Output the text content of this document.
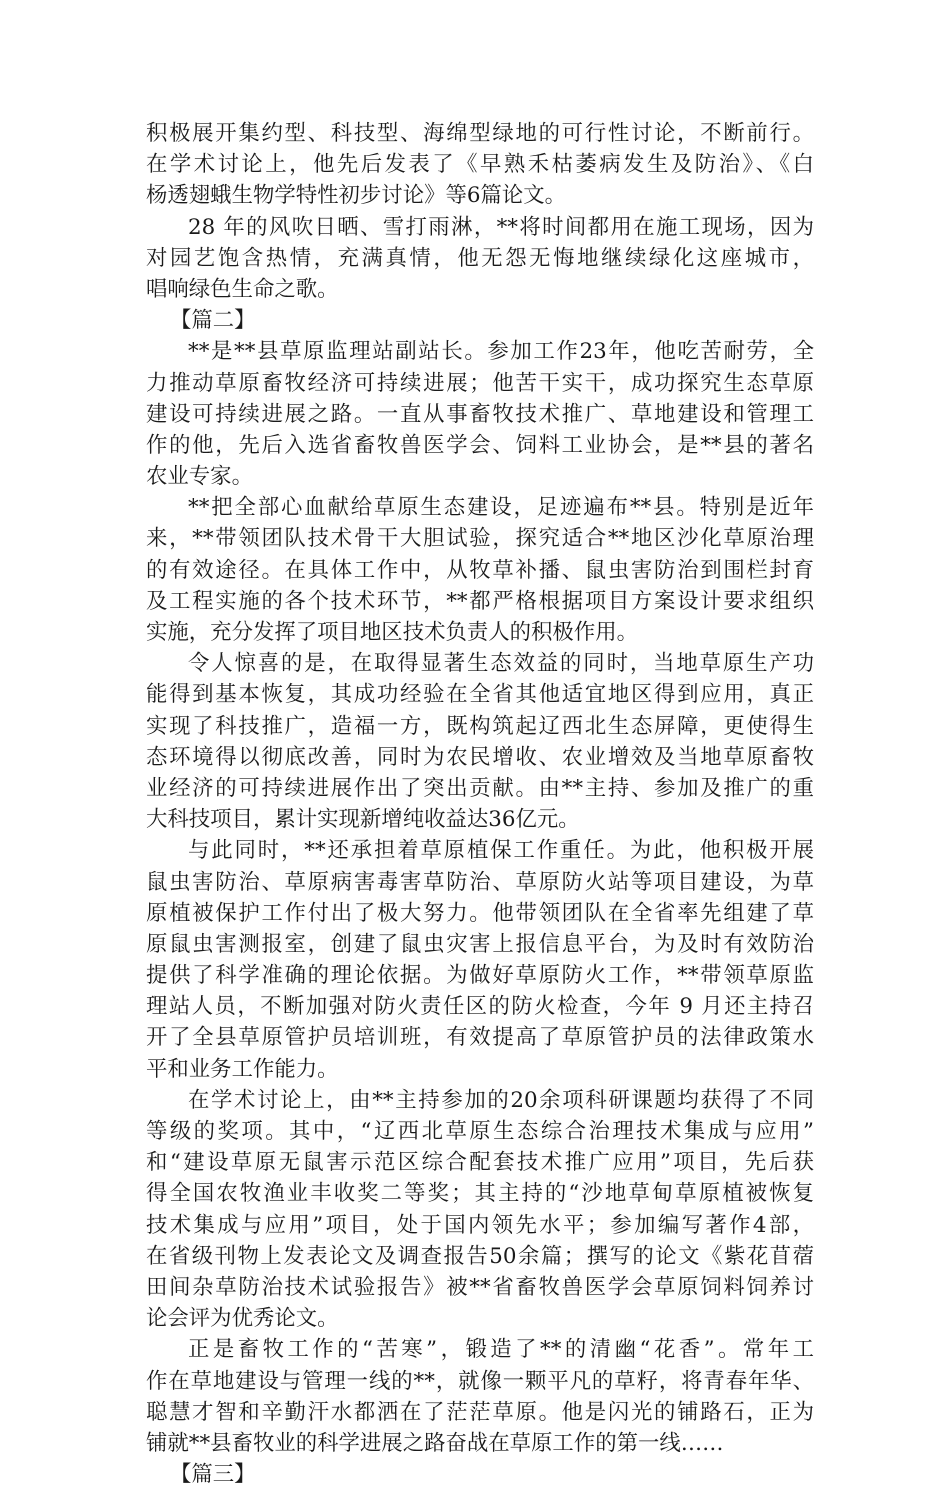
积极展开集约型、科技型、海绵型绿地的可行性讨论，不断前行。
在学术讨论上，他先后发表了《早熟禾枯萎病发生及防治》、《白
杨透翅蛾生物学特性初步讨论》等6篇论文。
28 年的风吹日晒、雪打雨淋，**将时间都用在施工现场，因为
对园艺饱含热情，充满真情，他无怨无悔地继续绿化这座城市，
唱响绿色生命之歌。
【篇二】
**是**县草原监理站副站长。参加工作23年，他吃苦耐劳，全
力推动草原畜牧经济可持续进展；他苦干实干，成功探究生态草原
建设可持续进展之路。一直从事畜牧技术推广、草地建设和管理工
作的他，先后入选省畜牧兽医学会、饲料工业协会，是**县的著名
农业专家。
**把全部心血献给草原生态建设，足迹遍布**县。特别是近年
来，**带领团队技术骨干大胆试验，探究适合**地区沙化草原治理
的有效途径。在具体工作中，从牧草补播、鼠虫害防治到围栏封育
及工程实施的各个技术环节，**都严格根据项目方案设计要求组织
实施，充分发挥了项目地区技术负责人的积极作用。
令人惊喜的是，在取得显著生态效益的同时，当地草原生产功
能得到基本恢复，其成功经验在全省其他适宜地区得到应用，真正
实现了科技推广，造福一方，既构筑起辽西北生态屏障，更使得生
态环境得以彻底改善，同时为农民增收、农业增效及当地草原畜牧
业经济的可持续进展作出了突出贡献。由**主持、参加及推广的重
大科技项目，累计实现新增纯收益达36亿元。
与此同时，**还承担着草原植保工作重任。为此，他积极开展
鼠虫害防治、草原病害毒害草防治、草原防火站等项目建设，为草
原植被保护工作付出了极大努力。他带领团队在全省率先组建了草
原鼠虫害测报室，创建了鼠虫灾害上报信息平台，为及时有效防治
提供了科学准确的理论依据。为做好草原防火工作，**带领草原监
理站人员，不断加强对防火责任区的防火检查，今年 9 月还主持召
开了全县草原管护员培训班，有效提高了草原管护员的法律政策水
平和业务工作能力。
在学术讨论上，由**主持参加的20余项科研课题均获得了不同
等级的奖项。其中，“辽西北草原生态综合治理技术集成与应用”
和“建设草原无鼠害示范区综合配套技术推广应用”项目，先后获
得全国农牧渔业丰收奖二等奖；其主持的“沙地草甸草原植被恢复
技术集成与应用”项目，处于国内领先水平；参加编写著作4部，
在省级刊物上发表论文及调查报告50余篇；撰写的论文《紫花苜蓿
田间杂草防治技术试验报告》被**省畜牧兽医学会草原饲料饲养讨
论会评为优秀论文。
正是畜牧工作的“苦寒”，锻造了**的清幽“花香”。常年工
作在草地建设与管理一线的**，就像一颗平凡的草籽，将青春年华、
聪慧才智和辛勤汗水都洒在了茫茫草原。他是闪光的铺路石，正为
铺就**县畜牧业的科学进展之路奋战在草原工作的第一线……
【篇三】
